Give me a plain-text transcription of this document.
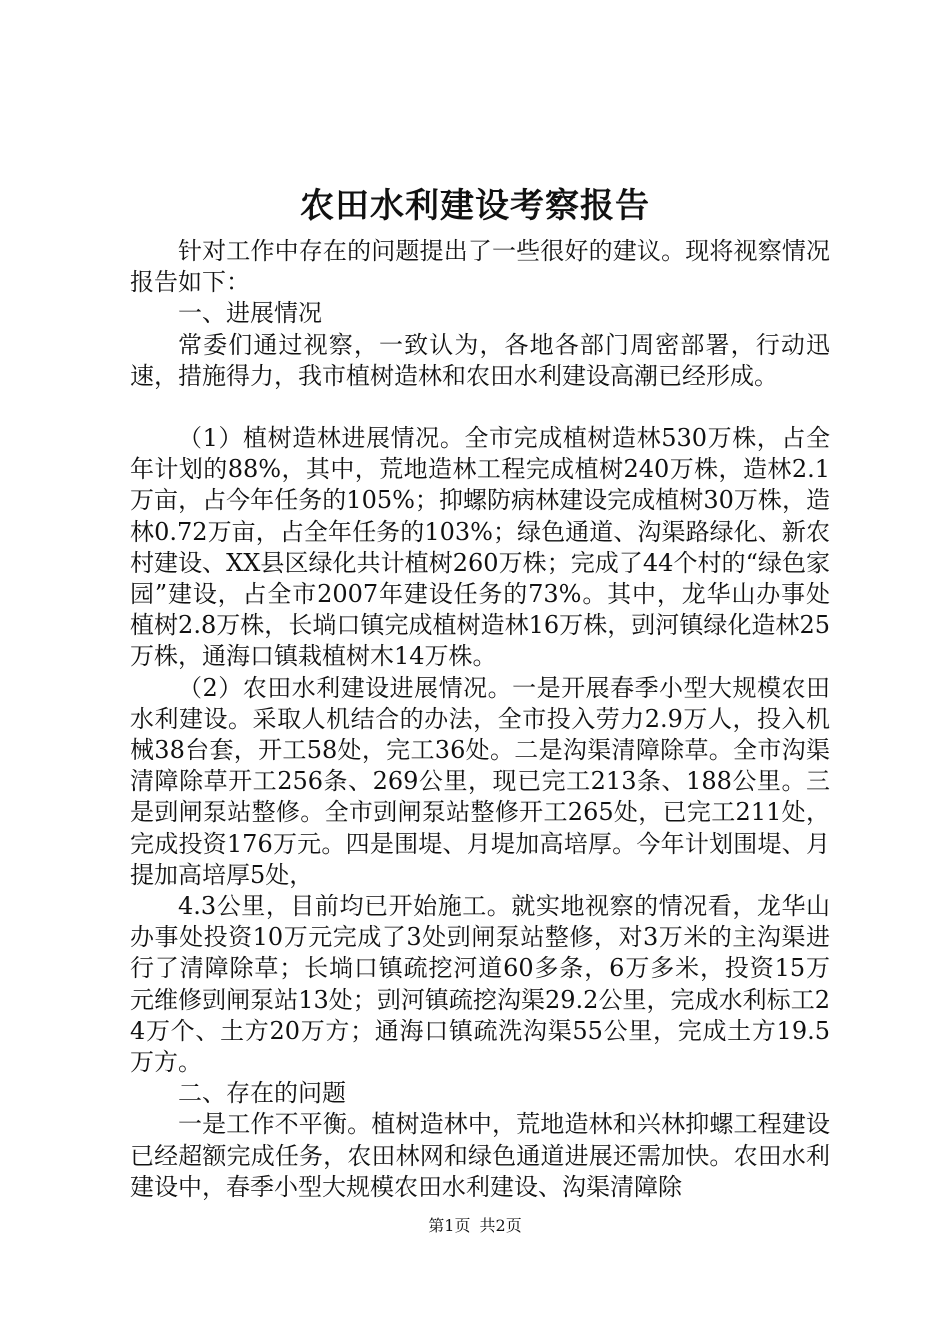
农田水利建设考察报告

针对工作中存在的问题提出了一些很好的建议。现将视察情况报告如下：

一、进展情况

常委们通过视察，一致认为，各地各部门周密部署，行动迅速，措施得力，我市植树造林和农田水利建设高潮已经形成。

（1）植树造林进展情况。全市完成植树造林530万株，占全年计划的88%，其中，荒地造林工程完成植树240万株，造林2.1万亩，占今年任务的105%；抑螺防病林建设完成植树30万株，造林0.72万亩，占全年任务的103%；绿色通道、沟渠路绿化、新农村建设、XX县区绿化共计植树260万株；完成了44个村的“绿色家园”建设，占全市2007年建设任务的73%。其中，龙华山办事处植树2.8万株，长埫口镇完成植树造林16万株，剅河镇绿化造林25万株，通海口镇栽植树木14万株。

（2）农田水利建设进展情况。一是开展春季小型大规模农田水利建设。采取人机结合的办法，全市投入劳力2.9万人，投入机械38台套，开工58处，完工36处。二是沟渠清障除草。全市沟渠清障除草开工256条、269公里，现已完工213条、188公里。三是剅闸泵站整修。全市剅闸泵站整修开工265处，已完工211处，完成投资176万元。四是围堤、月堤加高培厚。今年计划围堤、月提加高培厚5处，

4.3公里，目前均已开始施工。就实地视察的情况看，龙华山办事处投资10万元完成了3处剅闸泵站整修，对3万米的主沟渠进行了清障除草；长埫口镇疏挖河道60多条，6万多米，投资15万元维修剅闸泵站13处；剅河镇疏挖沟渠29.2公里，完成水利标工24万个、土方20万方；通海口镇疏洗沟渠55公里，完成土方19.5万方。

二、存在的问题

一是工作不平衡。植树造林中，荒地造林和兴林抑螺工程建设已经超额完成任务，农田林网和绿色通道进展还需加快。农田水利建设中，春季小型大规模农田水利建设、沟渠清障除

第1页 共2页
